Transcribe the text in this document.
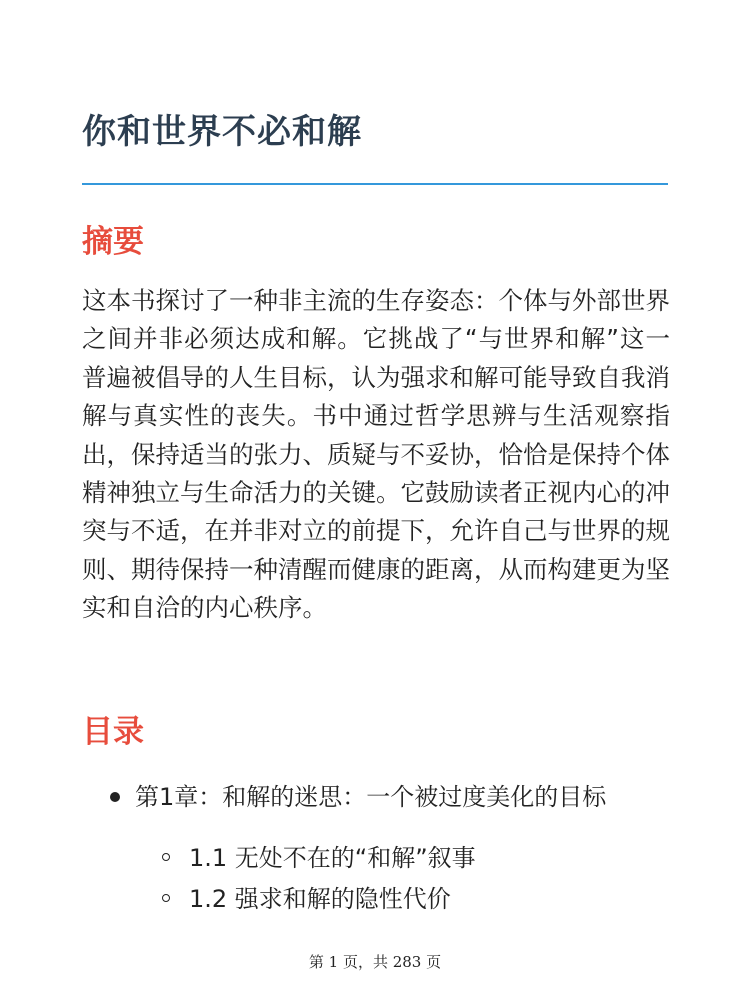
你和世界不必和解
摘要

这本书探讨了一种非主流的生存姿态：个体与外部世界之间并非必须达成和解。它挑战了“与世界和解”这一普遍被倡导的人生目标，认为强求和解可能导致自我消解与真实性的丧失。书中通过哲学思辨与生活观察指出，保持适当的张力、质疑与不妥协，恰恰是保持个体精神独立与生命活力的关键。它鼓励读者正视内心的冲突与不适，在并非对立的前提下，允许自己与世界的规则、期待保持一种清醒而健康的距离，从而构建更为坚实和自洽的内心秩序。

目录
第1章：和解的迷思：一个被过度美化的目标
1.1 无处不在的“和解”叙事
1.2 强求和解的隐性代价
第 1 页，共 283 页
